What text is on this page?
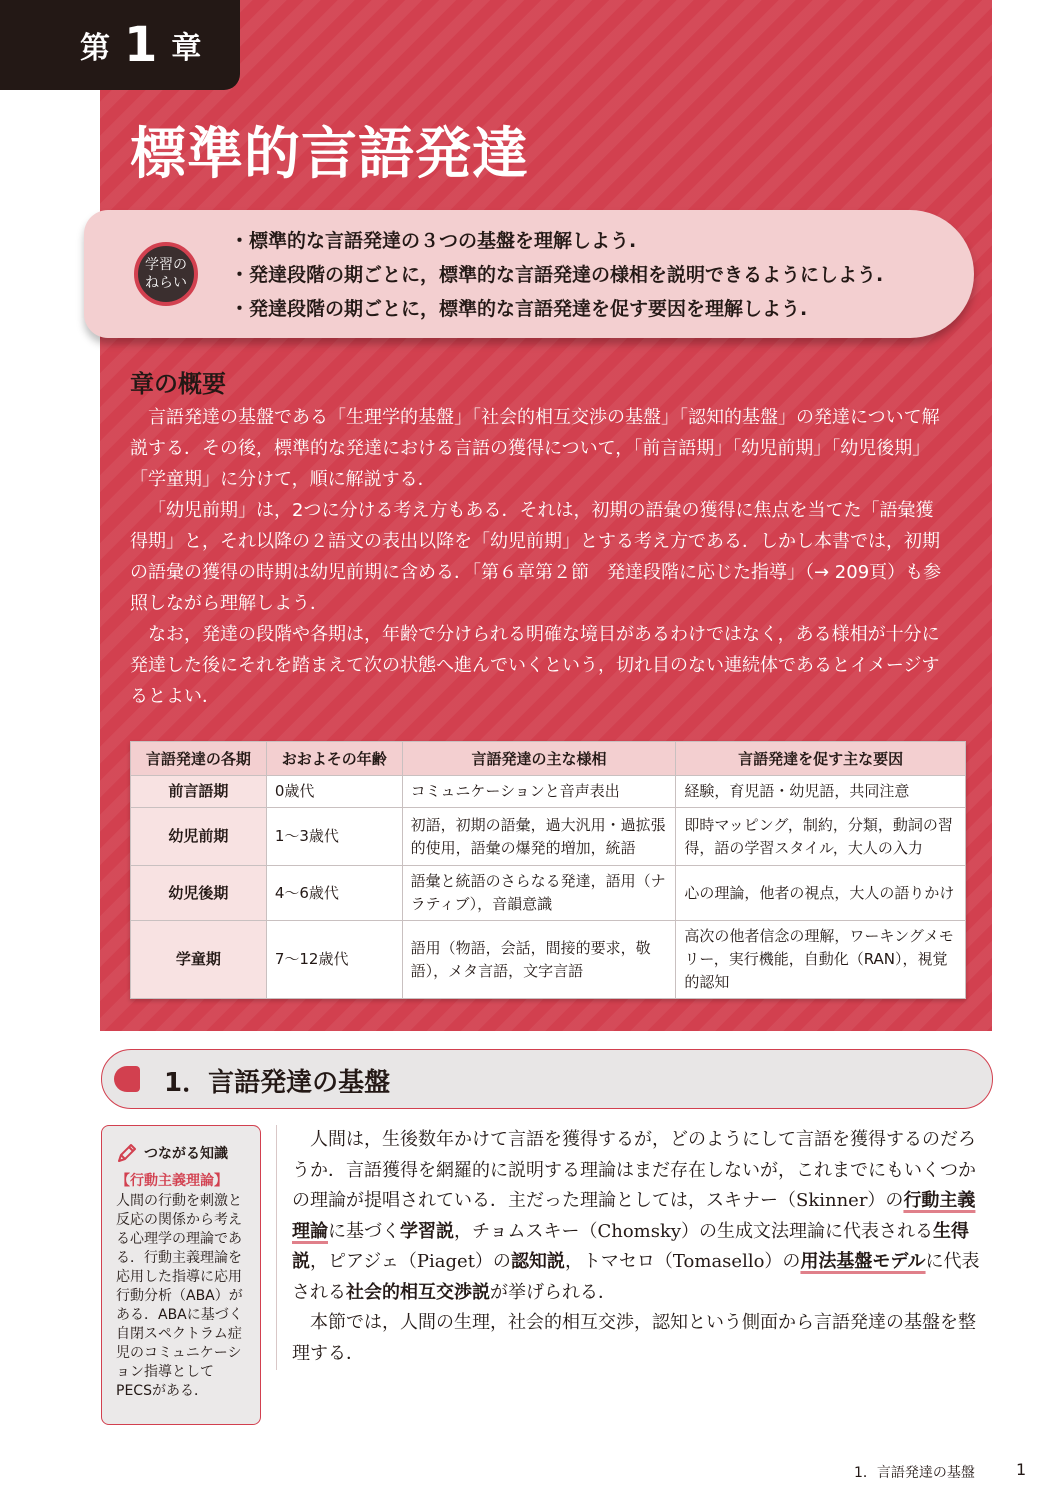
第 1 章
標準的言語発達
学習の
ねらい
・ 標準的な言語発達の３つの基盤を理解しよう.
・ 発達段階の期ごとに，標準的な言語発達の様相を説明できるようにしよう.
・ 発達段階の期ごとに，標準的な言語発達を促す要因を理解しよう.
章の概要

言語発達の基盤である「生理学的基盤」「社会的相互交渉の基盤」「認知的基盤」の発達について解説する．その後，標準的な発達における言語の獲得について，「前言語期」「幼児前期」「幼児後期」「学童期」に分けて，順に解説する．

「幼児前期」は，2つに分ける考え方もある．それは，初期の語彙の獲得に焦点を当てた「語彙獲得期」と，それ以降の２語文の表出以降を「幼児前期」とする考え方である．しかし本書では，初期の語彙の獲得の時期は幼児前期に含める．「第６章第２節　発達段階に応じた指導」（→ 209頁）も参照しながら理解しよう．

なお，発達の段階や各期は，年齢で分けられる明確な境目があるわけではなく，ある様相が十分に発達した後にそれを踏まえて次の状態へ進んでいくという，切れ目のない連続体であるとイメージするとよい．

言語発達の各期	おおよその年齢	言語発達の主な様相	言語発達を促す主な要因
前言語期	0歳代	コミュニケーションと音声表出	経験，育児語・幼児語，共同注意
幼児前期	1〜3歳代	初語，初期の語彙，過大汎用・過拡張的使用，語彙の爆発的増加，統語	即時マッピング，制約，分類，動詞の習得，語の学習スタイル，大人の入力
幼児後期	4〜6歳代	語彙と統語のさらなる発達，語用（ナラティブ），音韻意識	心の理論，他者の視点，大人の語りかけ
学童期	7〜12歳代	語用（物語，会話，間接的要求，敬語），メタ言語，文字言語	高次の他者信念の理解，ワーキングメモリー，実行機能，自動化（RAN），視覚的認知
1．言語発達の基盤
つながる知識
【行動主義理論】
人間の行動を刺激と反応の関係から考える心理学の理論である．行動主義理論を応用した指導に応用行動分析（ABA）がある．ABAに基づく自閉スペクトラム症児のコミュニケーション指導としてPECSがある．

人間は，生後数年かけて言語を獲得するが，どのようにして言語を獲得するのだろうか．言語獲得を網羅的に説明する理論はまだ存在しないが，これまでにもいくつかの理論が提唱されている．主だった理論としては，スキナー（Skinner）の行動主義理論に基づく学習説，チョムスキー（Chomsky）の生成文法理論に代表される生得説，ピアジェ（Piaget）の認知説，トマセロ（Tomasello）の用法基盤モデルに代表される社会的相互交渉説が挙げられる．

本節では，人間の生理，社会的相互交渉，認知という側面から言語発達の基盤を整理する．

1．言語発達の基盤	1
